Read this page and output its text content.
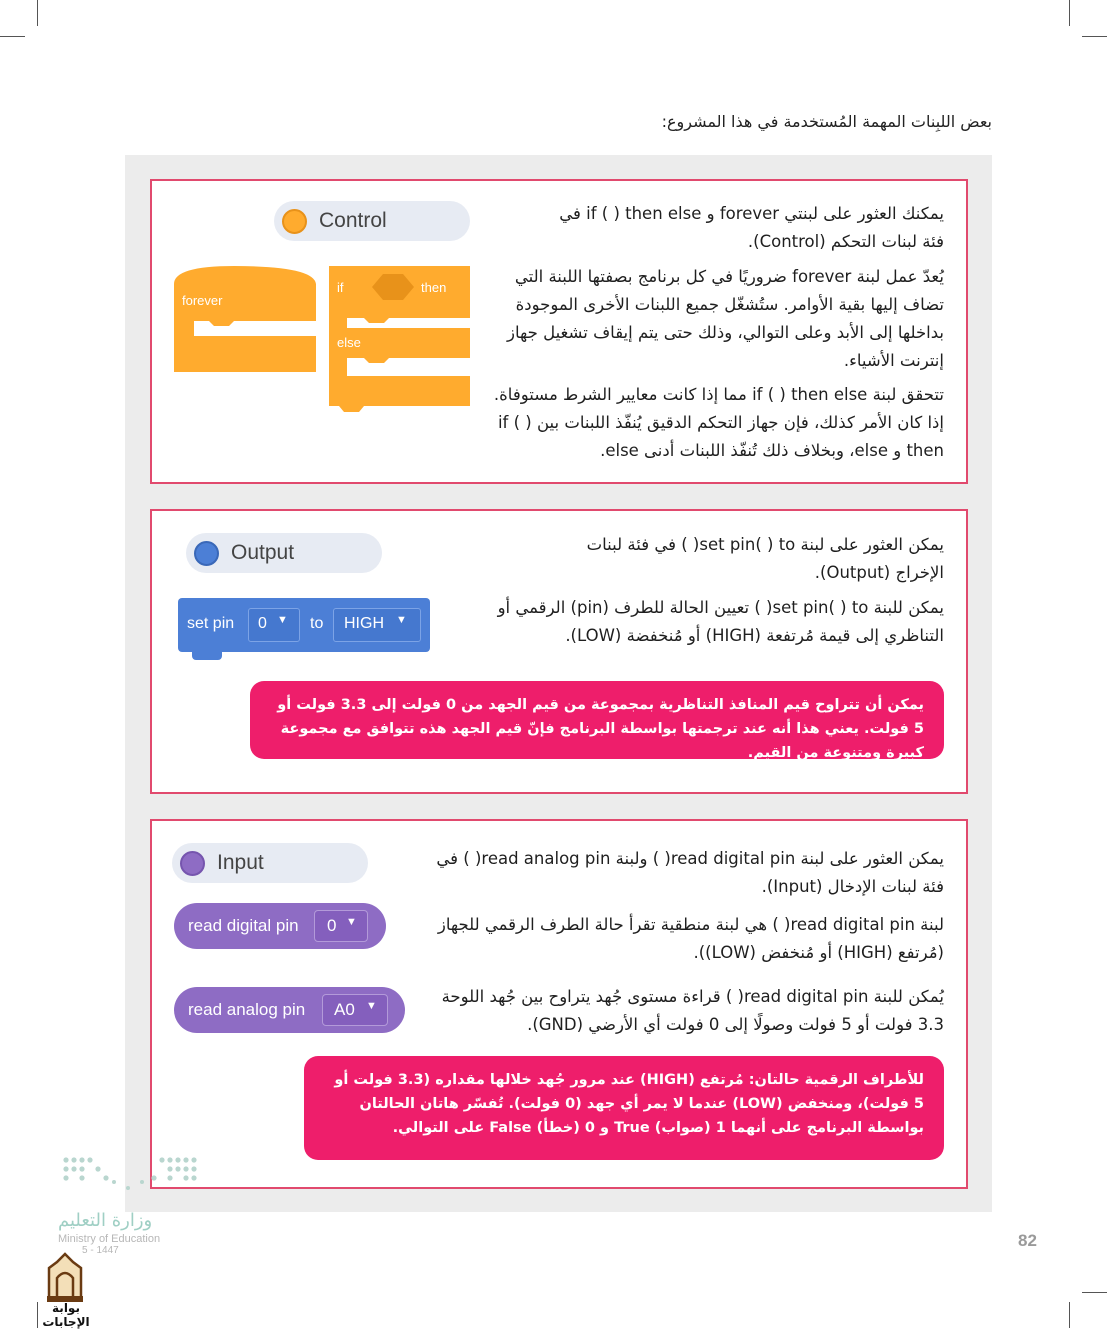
بعض اللبِنات المهمة المُستخدمة في هذا المشروع:
Control
forever
if	then
else
يمكنك العثور على لبنتي forever و if ( ) then else في فئة لبنات التحكم (Control).
يُعدّ عمل لبنة forever ضروريًا في كل برنامج بصفتها اللبنة التي تضاف إليها بقية الأوامر. ستُشغّل جميع اللبنات الأخرى الموجودة بداخلها إلى الأبد وعلى التوالي، وذلك حتى يتم إيقاف تشغيل جهاز إنترنت الأشياء.
تتحقق لبنة if ( ) then else مما إذا كانت معايير الشرط مستوفاة. إذا كان الأمر كذلك، فإن جهاز التحكم الدقيق يُنفّذ اللبنات بين if ( ) then و else، وبخلاف ذلك تُنفّذ اللبنات أدنى else.
Output
set pin 0 ▼ to HIGH ▼
يمكن العثور على لبنة set pin( ) to( ) في فئة لبنات الإخراج (Output).
يمكن للبنة set pin( ) to( ) تعيين الحالة للطرف (pin) الرقمي أو التناظري إلى قيمة مُرتفعة (HIGH) أو مُنخفضة (LOW).
يمكن أن تتراوح قيم المنافذ التناظرية بمجموعة من قيم الجهد من 0 فولت إلى 3.3 فولت أو 5 فولت. يعني هذا أنه عند ترجمتها بواسطة البرنامج فإنّ قيم الجهد هذه تتوافق مع مجموعة كبيرة ومتنوعة من القيم.
Input
read digital pin 0 ▼
read analog pin A0 ▼
يمكن العثور على لبنة read digital pin( ) ولبنة read analog pin( ) في فئة لبنات الإدخال (Input).
لبنة read digital pin( ) هي لبنة منطقية تقرأ حالة الطرف الرقمي للجهاز (مُرتفع (HIGH) أو مُنخفض (LOW)).
يُمكن للبنة read digital pin( ) قراءة مستوى جُهد يتراوح بين جُهد اللوحة 3.3 فولت أو 5 فولت وصولًا إلى 0 فولت أي الأرضي (GND).
للأطراف الرقمية حالتان: مُرتفع (HIGH) عند مرور جُهد خلالها مقداره (3.3 فولت أو 5 فولت)، ومنخفض (LOW) عندما لا يمر أي جهد (0 فولت). تُفسّر هاتان الحالتان بواسطة البرنامج على أنهما 1 (صواب) True و 0 (خطأ) False على التوالي.
وزارة التعليم
Ministry of Education
5 - 1447
بوابة الإجابات
82
